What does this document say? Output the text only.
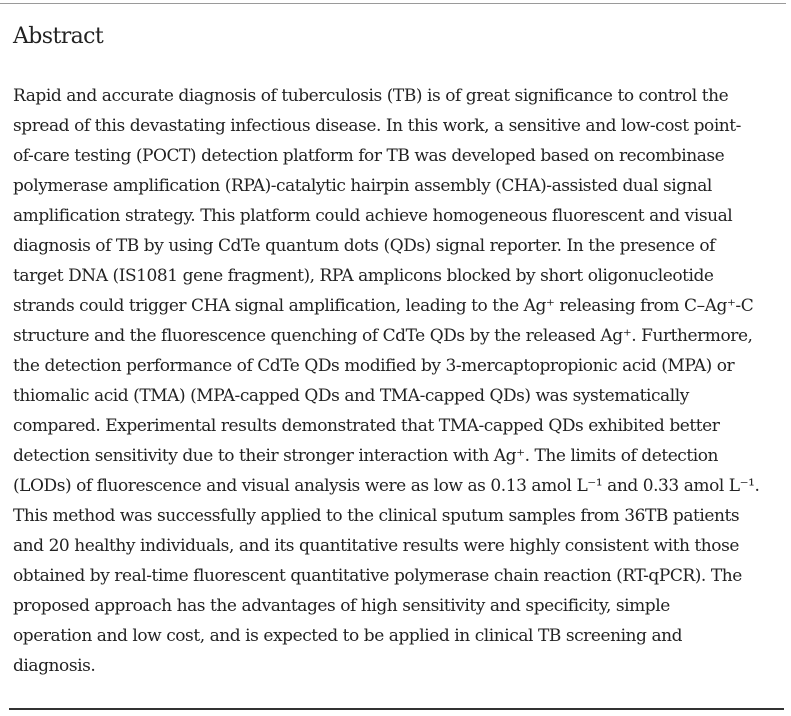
Abstract
Rapid and accurate diagnosis of tuberculosis (TB) is of great significance to control the
spread of this devastating infectious disease. In this work, a sensitive and low-cost point-
of-care testing (POCT) detection platform for TB was developed based on recombinase
polymerase amplification (RPA)-catalytic hairpin assembly (CHA)-assisted dual signal
amplification strategy. This platform could achieve homogeneous fluorescent and visual
diagnosis of TB by using CdTe quantum dots (QDs) signal reporter. In the presence of
target DNA (IS1081 gene fragment), RPA amplicons blocked by short oligonucleotide
strands could trigger CHA signal amplification, leading to the Ag⁺ releasing from C–Ag⁺-C
structure and the fluorescence quenching of CdTe QDs by the released Ag⁺. Furthermore,
the detection performance of CdTe QDs modified by 3-mercaptopropionic acid (MPA) or
thiomalic acid (TMA) (MPA-capped QDs and TMA-capped QDs) was systematically
compared. Experimental results demonstrated that TMA-capped QDs exhibited better
detection sensitivity due to their stronger interaction with Ag⁺. The limits of detection
(LODs) of fluorescence and visual analysis were as low as 0.13 amol L⁻¹ and 0.33 amol L⁻¹.
This method was successfully applied to the clinical sputum samples from 36TB patients
and 20 healthy individuals, and its quantitative results were highly consistent with those
obtained by real-time fluorescent quantitative polymerase chain reaction (RT-qPCR). The
proposed approach has the advantages of high sensitivity and specificity, simple
operation and low cost, and is expected to be applied in clinical TB screening and
diagnosis.
